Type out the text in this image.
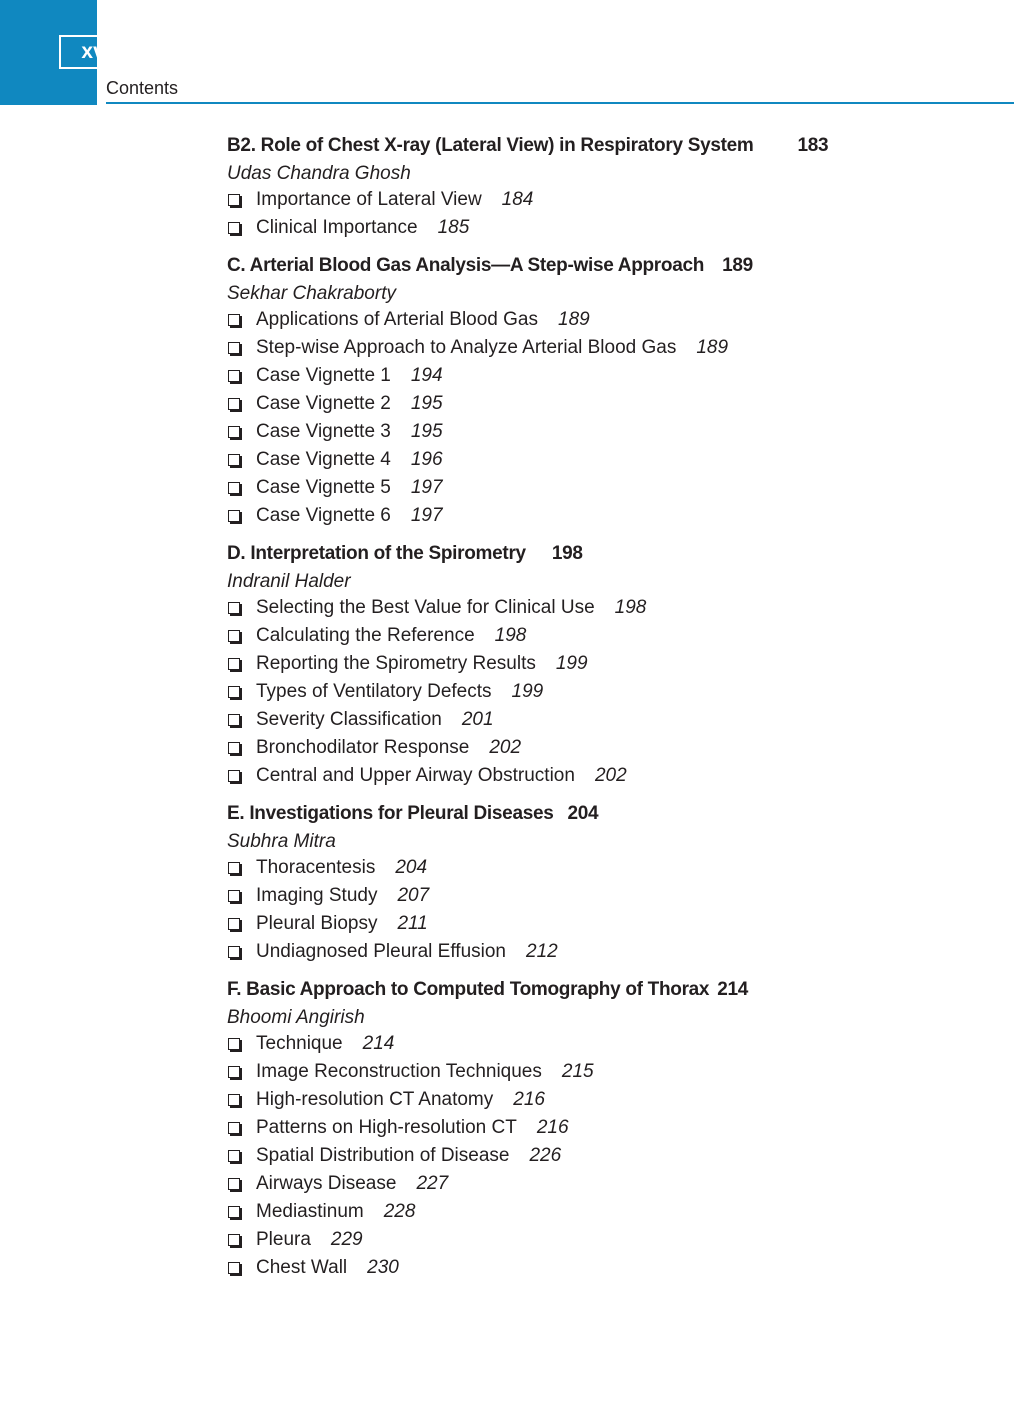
xvi
Contents
B2. Role of Chest X-ray (Lateral View) in Respiratory System 183
Udas Chandra Ghosh
Importance of Lateral View 184
Clinical Importance 185
C. Arterial Blood Gas Analysis—A Step-wise Approach 189
Sekhar Chakraborty
Applications of Arterial Blood Gas 189
Step-wise Approach to Analyze Arterial Blood Gas 189
Case Vignette 1 194
Case Vignette 2 195
Case Vignette 3 195
Case Vignette 4 196
Case Vignette 5 197
Case Vignette 6 197
D. Interpretation of the Spirometry 198
Indranil Halder
Selecting the Best Value for Clinical Use 198
Calculating the Reference 198
Reporting the Spirometry Results 199
Types of Ventilatory Defects 199
Severity Classification 201
Bronchodilator Response 202
Central and Upper Airway Obstruction 202
E. Investigations for Pleural Diseases 204
Subhra Mitra
Thoracentesis 204
Imaging Study 207
Pleural Biopsy 211
Undiagnosed Pleural Effusion 212
F. Basic Approach to Computed Tomography of Thorax 214
Bhoomi Angirish
Technique 214
Image Reconstruction Techniques 215
High-resolution CT Anatomy 216
Patterns on High-resolution CT 216
Spatial Distribution of Disease 226
Airways Disease 227
Mediastinum 228
Pleura 229
Chest Wall 230
